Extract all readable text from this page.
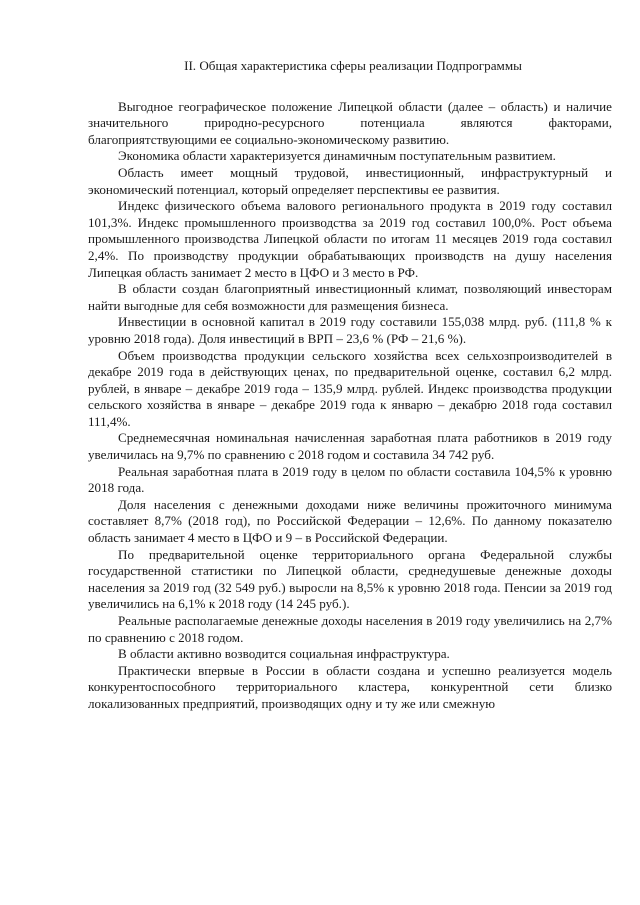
II. Общая характеристика сферы реализации Подпрограммы

Выгодное географическое положение Липецкой области (далее – область) и наличие значительного природно-ресурсного потенциала являются факторами, благоприятствующими ее социально-экономическому развитию.

Экономика области характеризуется динамичным поступательным развитием.

Область имеет мощный трудовой, инвестиционный, инфраструктурный и экономический потенциал, который определяет перспективы ее развития.

Индекс физического объема валового регионального продукта в 2019 году составил 101,3%. Индекс промышленного производства за 2019 год составил 100,0%. Рост объема промышленного производства Липецкой области по итогам 11 месяцев 2019 года составил 2,4%. По производству продукции обрабатывающих производств на душу населения Липецкая область занимает 2 место в ЦФО и 3 место в РФ.

В области создан благоприятный инвестиционный климат, позволяющий инвесторам найти выгодные для себя возможности для размещения бизнеса.

Инвестиции в основной капитал в 2019 году составили 155,038 млрд. руб. (111,8 % к уровню 2018 года). Доля инвестиций в ВРП – 23,6 % (РФ – 21,6 %).

Объем производства продукции сельского хозяйства всех сельхозпроизводителей в декабре 2019 года в действующих ценах, по предварительной оценке, составил 6,2 млрд. рублей, в январе – декабре 2019 года – 135,9 млрд. рублей. Индекс производства продукции сельского хозяйства в январе – декабре 2019 года к январю – декабрю 2018 года составил 111,4%.

Среднемесячная номинальная начисленная заработная плата работников в 2019 году увеличилась на 9,7% по сравнению с 2018 годом и составила 34 742 руб.

Реальная заработная плата в 2019 году в целом по области составила 104,5% к уровню 2018 года.

Доля населения с денежными доходами ниже величины прожиточного минимума составляет 8,7% (2018 год), по Российской Федерации – 12,6%. По данному показателю область занимает 4 место в ЦФО и 9 – в Российской Федерации.

По предварительной оценке территориального органа Федеральной службы государственной статистики по Липецкой области, среднедушевые денежные доходы населения за 2019 год (32 549 руб.) выросли на 8,5% к уровню 2018 года. Пенсии за 2019 год увеличились на 6,1% к 2018 году (14 245 руб.).

Реальные располагаемые денежные доходы населения в 2019 году увеличились на 2,7% по сравнению с 2018 годом.

В области активно возводится социальная инфраструктура.

Практически впервые в России в области создана и успешно реализуется модель конкурентоспособного территориального кластера, конкурентной сети близко локализованных предприятий, производящих одну и ту же или смежную
